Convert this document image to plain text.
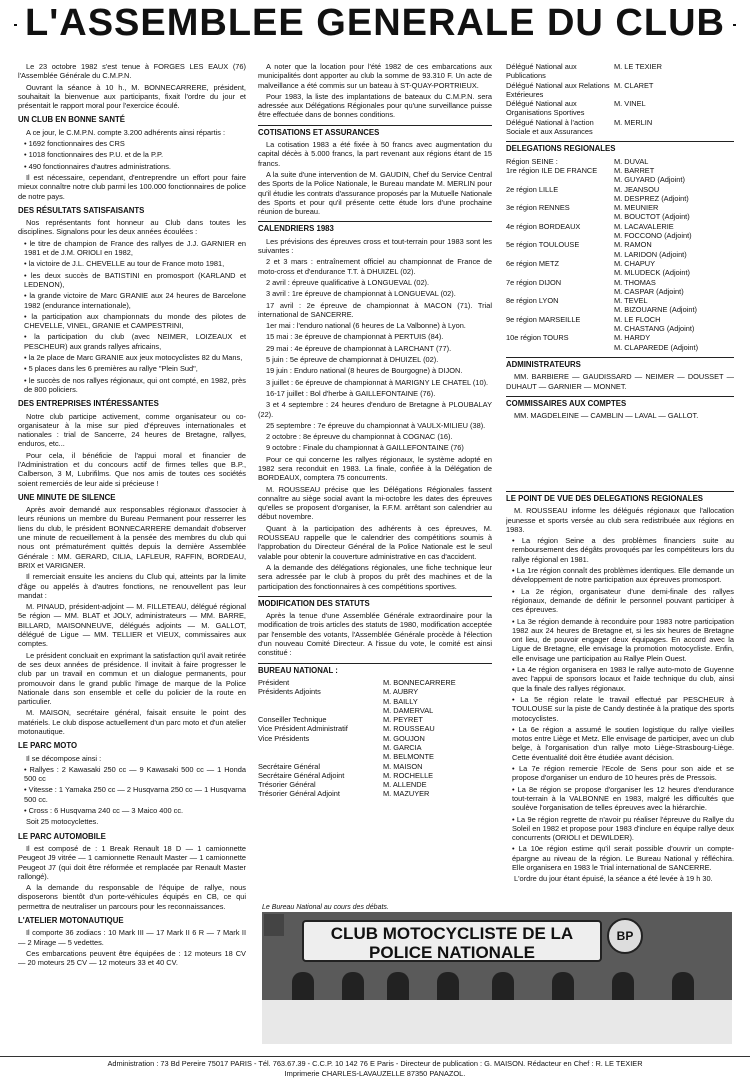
L'ASSEMBLEE GENERALE DU CLUB

Le 23 octobre 1982 s'est tenue à FORGES LES EAUX (76) l'Assemblée Générale du C.M.P.N.

Ouvrant la séance à 10 h., M. BONNECARRERE, président, souhaitait la bienvenue aux participants, fixait l'ordre du jour et présentait le rapport moral pour l'exercice écoulé.

UN CLUB EN BONNE SANTÉ

A ce jour, le C.M.P.N. compte 3.200 adhérents ainsi répartis :

• 1692 fonctionnaires des CRS

• 1018 fonctionnaires des P.U. et de la P.P.

• 490 fonctionnaires d'autres administrations.

Il est nécessaire, cependant, d'entreprendre un effort pour faire mieux connaître notre club parmi les 100.000 fonctionnaires de police de notre pays.

DES RÉSULTATS SATISFAISANTS

Nos représentants font honneur au Club dans toutes les disciplines. Signalons pour les deux années écoulées :

• le titre de champion de France des rallyes de J.J. GARNIER en 1981 et de J.M. ORIOLI en 1982,

• la victoire de J.L. CHEVELLE au tour de France moto 1981,

• les deux succès de BATISTINI en promosport (KARLAND et LEDENON),

• la grande victoire de Marc GRANIE aux 24 heures de Barcelone 1982 (endurance internationale),

• la participation aux championnats du monde des pilotes de CHEVELLE, VINEL, GRANIE et CAMPESTRINI,

• la participation du club (avec NEIMER, LOIZEAUX et PESCHEUR) aux grands rallyes africains,

• la 2e place de Marc GRANIE aux jeux motocyclistes 82 du Mans,

• 5 places dans les 6 premières au rallye "Plein Sud",

• le succès de nos rallyes régionaux, qui ont compté, en 1982, près de 800 policiers.

DES ENTREPRISES INTÉRESSANTES

Notre club participe activement, comme organisateur ou co-organisateur à la mise sur pied d'épreuves internationales et nationales : trial de Sancerre, 24 heures de Bretagne, rallyes, enduros, etc...

Pour cela, il bénéficie de l'appui moral et financier de l'Administration et du concours actif de firmes telles que B.P., Calberson, 3 M, Lubrifilms. Que nos amis de toutes ces sociétés soient remerciés de leur aide si précieuse !

UNE MINUTE DE SILENCE

Après avoir demandé aux responsables régionaux d'associer à leurs réunions un membre du Bureau Permanent pour resserrer les liens du club, le président BONNECARRERE demandait d'observer une minute de recueillement à la pensée des membres du club qui nous ont prématurément quittés depuis la dernière Assemblée Générale : MM. GERARD, CILIA, LAFLEUR, RAFFIN, BORDEAU, BRIX et VARIGNER.

Il remerciait ensuite les anciens du Club qui, atteints par la limite d'âge ou appelés à d'autres fonctions, ne renouvellent pas leur mandat :

M. PINAUD, président-adjoint — M. FILLETEAU, délégué régional 5e région — MM. BLAT et JOLY, administrateurs — MM. BARRE, BILLARD, MAISONNEUVE, délégués adjoints — M. GALLOT, délégué de Ligue — MM. TELLIER et VIEUX, commissaires aux comptes.

Le président concluait en exprimant la satisfaction qu'il avait retirée de ses deux années de présidence. Il invitait à faire progresser le club par un travail en commun et un dialogue permanents, pour promouvoir dans le grand public l'image de marque de la Police Nationale dans son ensemble et celle du policier de la route en particulier.

M. MAISON, secrétaire général, faisait ensuite le point des matériels. Le club dispose actuellement d'un parc moto et d'un atelier motonautique.

LE PARC MOTO

Il se décompose ainsi :

• Rallyes : 2 Kawasaki 250 cc — 9 Kawasaki 500 cc — 1 Honda 500 cc

• Vitesse : 1 Yamaka 250 cc — 2 Husqvarna 250 cc — 1 Husqvarna 500 cc.

• Cross : 6 Husqvarna 240 cc — 3 Maico 400 cc.

Soit 25 motocyclettes.

LE PARC AUTOMOBILE

Il est composé de : 1 Break Renault 18 D — 1 camionnette Peugeot J9 vitrée — 1 camionnette Renault Master — 1 camionnette Peugeot J7 (qui doit être réformée et remplacée par Renault Master rallongé).

A la demande du responsable de l'équipe de rallye, nous disposerons bientôt d'un porte-véhicules équipés en CB, ce qui permettra de neutraliser un parcours pour les reconnaissances.

L'ATELIER MOTONAUTIQUE

Il comporte 36 zodiacs : 10 Mark III — 17 Mark II 6 R — 7 Mark II — 2 Mirage — 5 vedettes.

Ces embarcations peuvent être équipées de : 12 moteurs 18 CV — 20 moteurs 25 CV — 12 moteurs 33 et 40 CV.

A noter que la location pour l'été 1982 de ces embarcations aux municipalités dont apporter au club la somme de 93.310 F. Un acte de malveillance a été commis sur un bateau à ST-QUAY-PORTRIEUX.

Pour 1983, la liste des implantations de bateaux du C.M.P.N. sera adressée aux Délégations Régionales pour qu'une surveillance puisse être effectuée dans de bonnes conditions.

COTISATIONS ET ASSURANCES

La cotisation 1983 a été fixée à 50 francs avec augmentation du capital décès à 5.000 francs, la part revenant aux régions étant de 15 francs.

A la suite d'une intervention de M. GAUDIN, Chef du Service Central des Sports de la Police Nationale, le Bureau mandate M. MERLIN pour qu'il étudie les contrats d'assurance proposés par la Mutuelle Nationale des Sports et pour qu'il présente cette étude lors d'une prochaine réunion de bureau.

CALENDRIERS 1983

Les prévisions des épreuves cross et tout-terrain pour 1983 sont les suivantes :

2 et 3 mars : entraînement officiel au championnat de France de moto-cross et d'endurance T.T. à DHUIZEL (02).

2 avril : épreuve qualificative à LONGUEVAL (02).

3 avril : 1re épreuve de championnat à LONGUEVAL (02).

17 avril : 2e épreuve de championnat à MACON (71). Trial international de SANCERRE.

1er mai : l'enduro national (6 heures de La Valbonne) à Lyon.

15 mai : 3e épreuve de championnat à PERTUIS (84).

29 mai : 4e épreuve de championnat à LARCHANT (77).

5 juin : 5e épreuve de championnat à DHUIZEL (02).

19 juin : Enduro national (8 heures de Bourgogne) à DIJON.

3 juillet : 6e épreuve de championnat à MARIGNY LE CHATEL (10).

16-17 juillet : Bol d'herbe à GAILLEFONTAINE (76).

3 et 4 septembre : 24 heures d'enduro de Bretagne à PLOUBALAY (22).

25 septembre : 7e épreuve du championnat à VAULX-MILIEU (38).

2 octobre : 8e épreuve du championnat à COGNAC (16).

9 octobre : Finale du championnat à GAILLEFONTAINE (76)

Pour ce qui concerne les rallyes régionaux, le système adopté en 1982 sera reconduit en 1983. La finale, confiée à la Délégation de BORDEAUX, comptera 75 concurrents.

M. ROUSSEAU précise que les Délégations Régionales fassent connaître au siège social avant la mi-octobre les dates des épreuves qu'elles se proposent d'organiser, la F.F.M. arrêtant son calendrier au début novembre.

Quant à la participation des adhérents à ces épreuves, M. ROUSSEAU rappelle que le calendrier des compétitions soumis à l'approbation du Directeur Général de la Police Nationale est le seul valable pour obtenir la couverture administrative en cas d'accident.

A la demande des délégations régionales, une fiche technique leur sera adressée par le club à propos du prêt des machines et de la participation des fonctionnaires à ces compétitions sportives.

MODIFICATION DES STATUTS

Après la tenue d'une Assemblée Générale extraordinaire pour la modification de trois articles des statuts de 1980, modification acceptée par l'ensemble des votants, l'Assemblée Générale procède à l'élection d'un nouveau Comité Directeur. A l'issue du vote, le comité est ainsi constitué :

BUREAU NATIONAL :
Président	M. BONNECARRERE
Présidents Adjoints	M. AUBRY
M. BAILLY
M. DAMERVAL
Conseiller Technique	M. PEYRET
Vice Président Administratif	M. ROUSSEAU
Vice Présidents	M. GOUJON
M. GARCIA
M. BELMONTE
Secrétaire Général	M. MAISON
Secrétaire Général Adjoint	M. ROCHELLE
Trésorier Général	M. ALLENDE
Trésorier Général Adjoint	M. MAZUYER
Délégué National aux Publications
M. LE TEXIER
Délégué National aux Relations Extérieures
M. CLARET
Délégué National aux Organisations Sportives
M. VINEL
Délégué National à l'action Sociale et aux Assurances
M. MERLIN
DELEGATIONS REGIONALES
Région SEINE :	M. DUVAL
1re région ILE DE FRANCE	M. BARRET
M. GUYARD (Adjoint)
2e région LILLE	M. JEANSOU
M. DESPREZ (Adjoint)
3e région RENNES	M. MEUNIER
M. BOUCTOT (Adjoint)
4e région BORDEAUX	M. LACAVALERIE
M. FOCCONO (Adjoint)
5e région TOULOUSE	M. RAMON
M. LARIDON (Adjoint)
6e région METZ	M. CHAPUY
M. MLUDECK (Adjoint)
7e région DIJON	M. THOMAS
M. CASPAR (Adjoint)
8e région LYON	M. TEVEL
M. BIZOUARNE (Adjoint)
9e région MARSEILLE	M. LE FLOCH
M. CHASTANG (Adjoint)
10e région TOURS	M. HARDY
M. CLAPAREDE (Adjoint)
ADMINISTRATEURS

MM. BARBIERE — GAUDISSARD — NEIMER — DOUSSET — DUHAUT — GARNIER — MONNET.

COMMISSAIRES AUX COMPTES

MM. MAGDELEINE — CAMBLIN — LAVAL — GALLOT.

LE POINT DE VUE DES DELEGATIONS REGIONALES

M. ROUSSEAU informe les délégués régionaux que l'allocation jeunesse et sports versée au club sera redistribuée aux régions en 1983.

• La région Seine a des problèmes financiers suite au remboursement des dégâts provoqués par les compétiteurs lors du rallye régional en 1981.

• La 1re région connaît des problèmes identiques. Elle demande un développement de notre participation aux épreuves promosport.

• La 2e région, organisateur d'une demi-finale des rallyes régionaux, demande de définir le personnel pouvant participer à ces épreuves.

• La 3e région demande à reconduire pour 1983 notre participation 1982 aux 24 heures de Bretagne et, si les six heures de Bretagne ont lieu, de pouvoir engager deux équipages. En accord avec la Ligue de Bretagne, elle envisage la promotion motocycliste. Enfin, elle envisage une participation au Rallye Plein Ouest.

• La 4e région organisera en 1983 le rallye auto-moto de Guyenne avec l'appui de sponsors locaux et l'aide technique du club, ainsi que la finale des rallyes régionaux.

• La 5e région relate le travail effectué par PESCHEUR à TOULOUSE sur la piste de Candy destinée à la pratique des sports motocyclistes.

• La 6e région a assumé le soutien logistique du rallye vieilles motos entre Liège et Metz. Elle envisage de participer, avec un club belge, à l'organisation d'un rallye moto Liège-Strasbourg-Liège. Cette éventualité doit être étudiée avant décision.

• La 7e région remercie l'Ecole de Sens pour son aide et se propose d'organiser un enduro de 10 heures près de Pressois.

• La 8e région se propose d'organiser les 12 heures d'endurance tout-terrain à la VALBONNE en 1983, malgré les difficultés que soulève l'organisation de telles épreuves avec la hiérarchie.

• La 9e région regrette de n'avoir pu réaliser l'épreuve du Rallye du Soleil en 1982 et propose pour 1983 d'inclure en équipe rallye deux concurrents (ORIOLI et DEWILDER).

• La 10e région estime qu'il serait possible d'ouvrir un compte-épargne au niveau de la région. Le Bureau National y réfléchira. Elle organisera en 1983 le Trial international de SANCERRE.

L'ordre du jour étant épuisé, la séance a été levée à 19 h 30.

Le Bureau National au cours des débats.
CLUB MOTOCYCLISTE DE LA POLICE NATIONALE
BP
Administration : 73 Bd Pereire 75017 PARIS - Tél. 763.67.39 - C.C.P. 10 142 76 E Paris - Directeur de publication : G. MAISON. Rédacteur en Chef : R. LE TEXIER
Imprimerie CHARLES-LAVAUZELLE 87350 PANAZOL.
